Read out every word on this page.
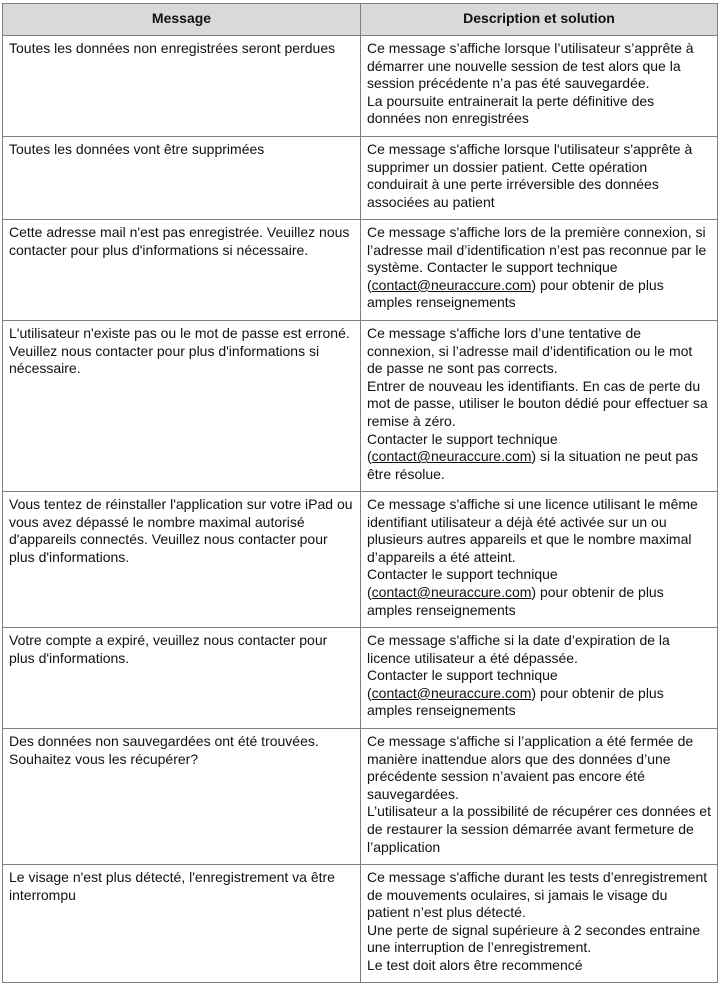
Message	Description et solution
Toutes les données non enregistrées seront perdues	Ce message s’affiche lorsque l’utilisateur s’apprête à démarrer une nouvelle session de test alors que la session précédente n’a pas été sauvegardée.
La poursuite entrainerait la perte définitive des données non enregistrées
Toutes les données vont être supprimées	Ce message s'affiche lorsque l'utilisateur s'apprête à supprimer un dossier patient. Cette opération conduirait à une perte irréversible des données associées au patient
Cette adresse mail n'est pas enregistrée. Veuillez nous contacter pour plus d'informations si nécessaire.	Ce message s'affiche lors de la première connexion, si l’adresse mail d’identification n’est pas reconnue par le système. Contacter le support technique (contact@neuraccure.com) pour obtenir de plus amples renseignements
L'utilisateur n'existe pas ou le mot de passe est erroné. Veuillez nous contacter pour plus d'informations si nécessaire.	Ce message s'affiche lors d’une tentative de connexion, si l’adresse mail d’identification ou le mot de passe ne sont pas corrects.
Entrer de nouveau les identifiants. En cas de perte du mot de passe, utiliser le bouton dédié pour effectuer sa remise à zéro.
Contacter le support technique (contact@neuraccure.com) si la situation ne peut pas être résolue.
Vous tentez de réinstaller l'application sur votre iPad ou vous avez dépassé le nombre maximal autorisé d'appareils connectés. Veuillez nous contacter pour plus d'informations.	Ce message s'affiche si une licence utilisant le même identifiant utilisateur a déjà été activée sur un ou plusieurs autres appareils et que le nombre maximal d’appareils a été atteint.
Contacter le support technique (contact@neuraccure.com) pour obtenir de plus amples renseignements
Votre compte a expiré, veuillez nous contacter pour plus d'informations.	Ce message s'affiche si la date d’expiration de la licence utilisateur a été dépassée.
Contacter le support technique (contact@neuraccure.com) pour obtenir de plus amples renseignements
Des données non sauvegardées ont été trouvées. Souhaitez vous les récupérer?	Ce message s'affiche si l’application a été fermée de manière inattendue alors que des données d’une précédente session n’avaient pas encore été sauvegardées.
L’utilisateur a la possibilité de récupérer ces données et de restaurer la session démarrée avant fermeture de l’application
Le visage n'est plus détecté, l'enregistrement va être interrompu	Ce message s'affiche durant les tests d’enregistrement de mouvements oculaires, si jamais le visage du patient n’est plus détecté.
Une perte de signal supérieure à 2 secondes entraine une interruption de l’enregistrement.
Le test doit alors être recommencé
